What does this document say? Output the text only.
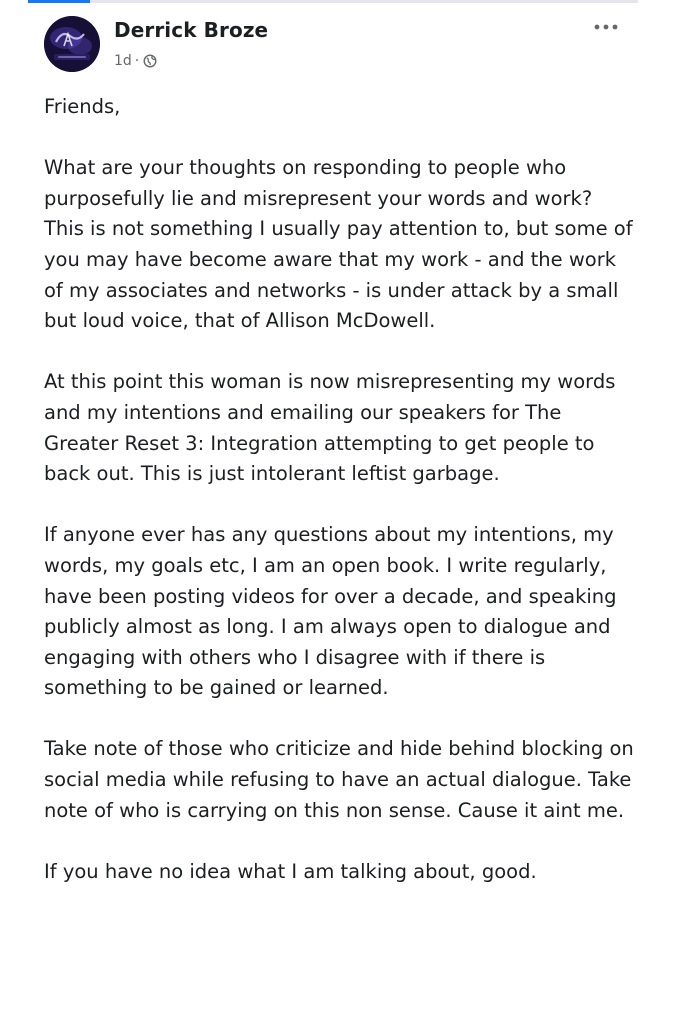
Derrick Broze
1d ·

Friends,

What are your thoughts on responding to people who purposefully lie and misrepresent your words and work? This is not something I usually pay attention to, but some of you may have become aware that my work - and the work of my associates and networks - is under attack by a small but loud voice, that of Allison McDowell.

At this point this woman is now misrepresenting my words and my intentions and emailing our speakers for The Greater Reset 3: Integration attempting to get people to back out. This is just intolerant leftist garbage.

If anyone ever has any questions about my intentions, my words, my goals etc, I am an open book. I write regularly, have been posting videos for over a decade, and speaking publicly almost as long. I am always open to dialogue and engaging with others who I disagree with if there is something to be gained or learned.

Take note of those who criticize and hide behind blocking on social media while refusing to have an actual dialogue. Take note of who is carrying on this non sense. Cause it aint me.

If you have no idea what I am talking about, good.
